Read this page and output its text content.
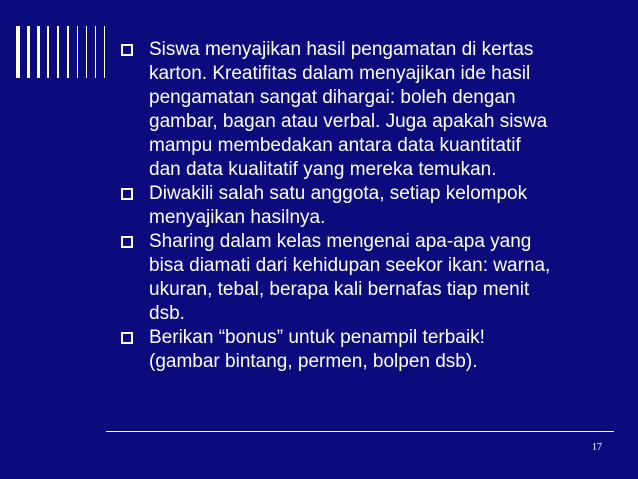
Siswa menyajikan hasil pengamatan di kertas
karton. Kreatifitas dalam menyajikan ide hasil
pengamatan sangat dihargai: boleh dengan
gambar, bagan atau verbal. Juga apakah siswa
mampu membedakan antara data kuantitatif
dan data kualitatif yang mereka temukan.
Diwakili salah satu anggota, setiap kelompok
menyajikan hasilnya.
Sharing dalam kelas mengenai apa-apa yang
bisa diamati dari kehidupan seekor ikan: warna,
ukuran, tebal, berapa kali bernafas tiap menit
dsb.
Berikan “bonus” untuk penampil terbaik!
(gambar bintang, permen, bolpen dsb).
17
